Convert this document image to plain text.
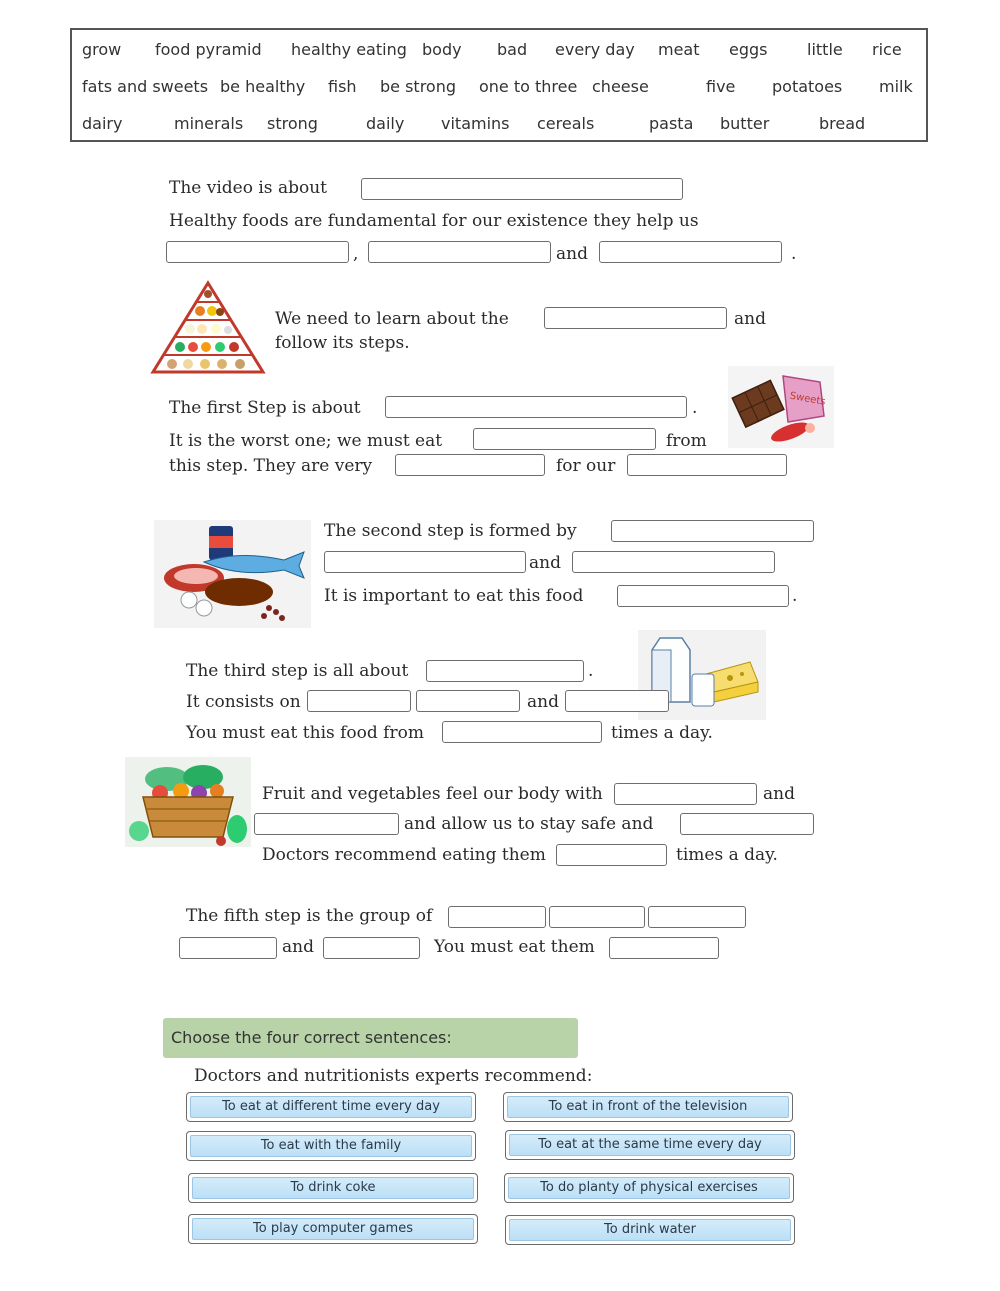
grow food pyramid healthy eating body bad every day meat eggs little rice
fats and sweets be healthy fish be strong one to three cheese	five potatoes milk
dairy	minerals strong	daily vitamins cereals	pasta butter	bread
The video is about
Healthy foods are fundamental for our existence they help us
,	and	.
We need to learn about the	and
follow its steps.
The first Step is about	.
It is the worst one; we must eat	from
this step. They are very	for our
Sweets
The second step is formed by
and
It is important to eat this food	.
The third step is all about	.
It consists on	and
You must eat this food from	times a day.
Fruit and vegetables feel our body with	and
and allow us to stay safe and
Doctors recommend eating them	times a day.
The fifth step is the group of
and	You must eat them
Choose the four correct sentences:
Doctors and nutritionists experts recommend:
To eat at different time every day	To eat in front of the television
To eat with the family	To eat at the same time every day
To drink coke	To do planty of physical exercises
To play computer games	To drink water
